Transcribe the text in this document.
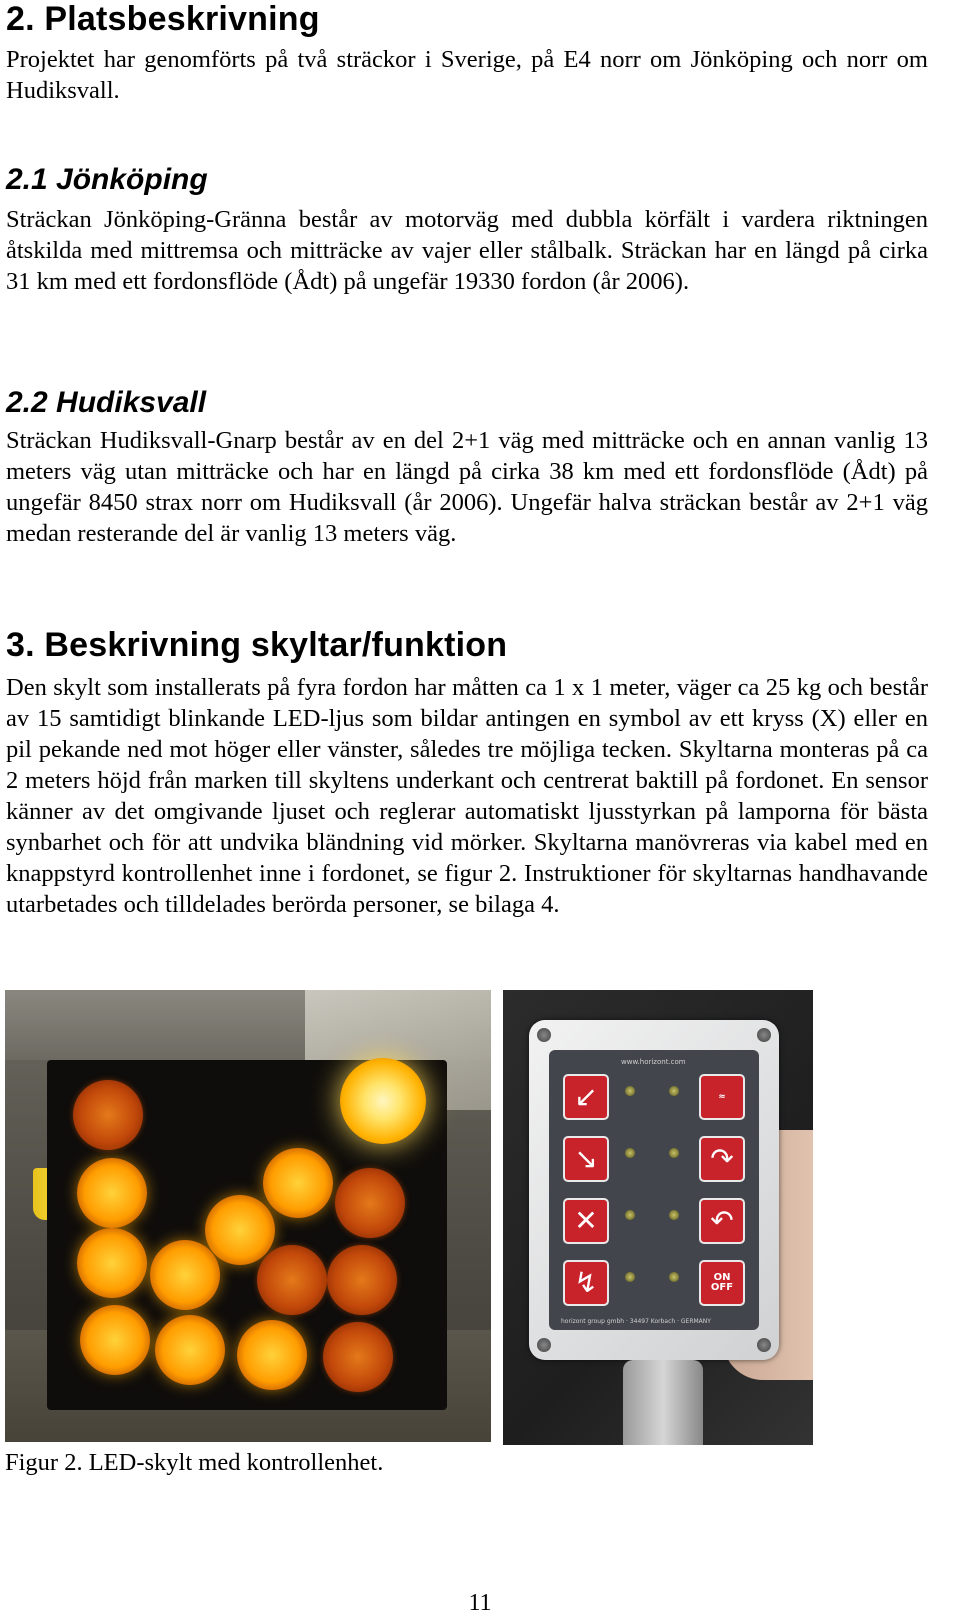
2. Platsbeskrivning

Projektet har genomförts på två sträckor i Sverige, på E4 norr om Jönköping och norr om Hudiksvall.

2.1 Jönköping

Sträckan Jönköping-Gränna består av motorväg med dubbla körfält i vardera riktningen åtskilda med mittremsa och mitträcke av vajer eller stålbalk. Sträckan har en längd på cirka 31 km med ett fordonsflöde (Ådt) på ungefär 19330 fordon (år 2006).

2.2 Hudiksvall

Sträckan Hudiksvall-Gnarp består av en del 2+1 väg med mitträcke och en annan vanlig 13 meters väg utan mitträcke och har en längd på cirka 38 km med ett fordonsflöde (Ådt) på ungefär 8450 strax norr om Hudiksvall (år 2006). Ungefär halva sträckan består av 2+1 väg medan resterande del är vanlig 13 meters väg.

3. Beskrivning skyltar/funktion

Den skylt som installerats på fyra fordon har måtten ca 1 x 1 meter, väger ca 25 kg och består av 15 samtidigt blinkande LED-ljus som bildar antingen en symbol av ett kryss (X) eller en pil pekande ned mot höger eller vänster, således tre möjliga tecken. Skyltarna monteras på ca 2 meters höjd från marken till skyltens underkant och centrerat baktill på fordonet. En sensor känner av det omgivande ljuset och reglerar automatiskt ljusstyrkan på lamporna för bästa synbarhet och för att undvika bländning vid mörker. Skyltarna manövreras via kabel med en knappstyrd kontrollenhet inne i fordonet, se figur 2. Instruktioner för skyltarnas handhavande utarbetades och tilldelades berörda personer, se bilaga 4.

www.horizont.com
↙	≈
↘	↷
✕	↶
↯	ON
OFF
horizont group gmbh · 34497 Korbach · GERMANY
Figur 2. LED-skylt med kontrollenhet.
11
